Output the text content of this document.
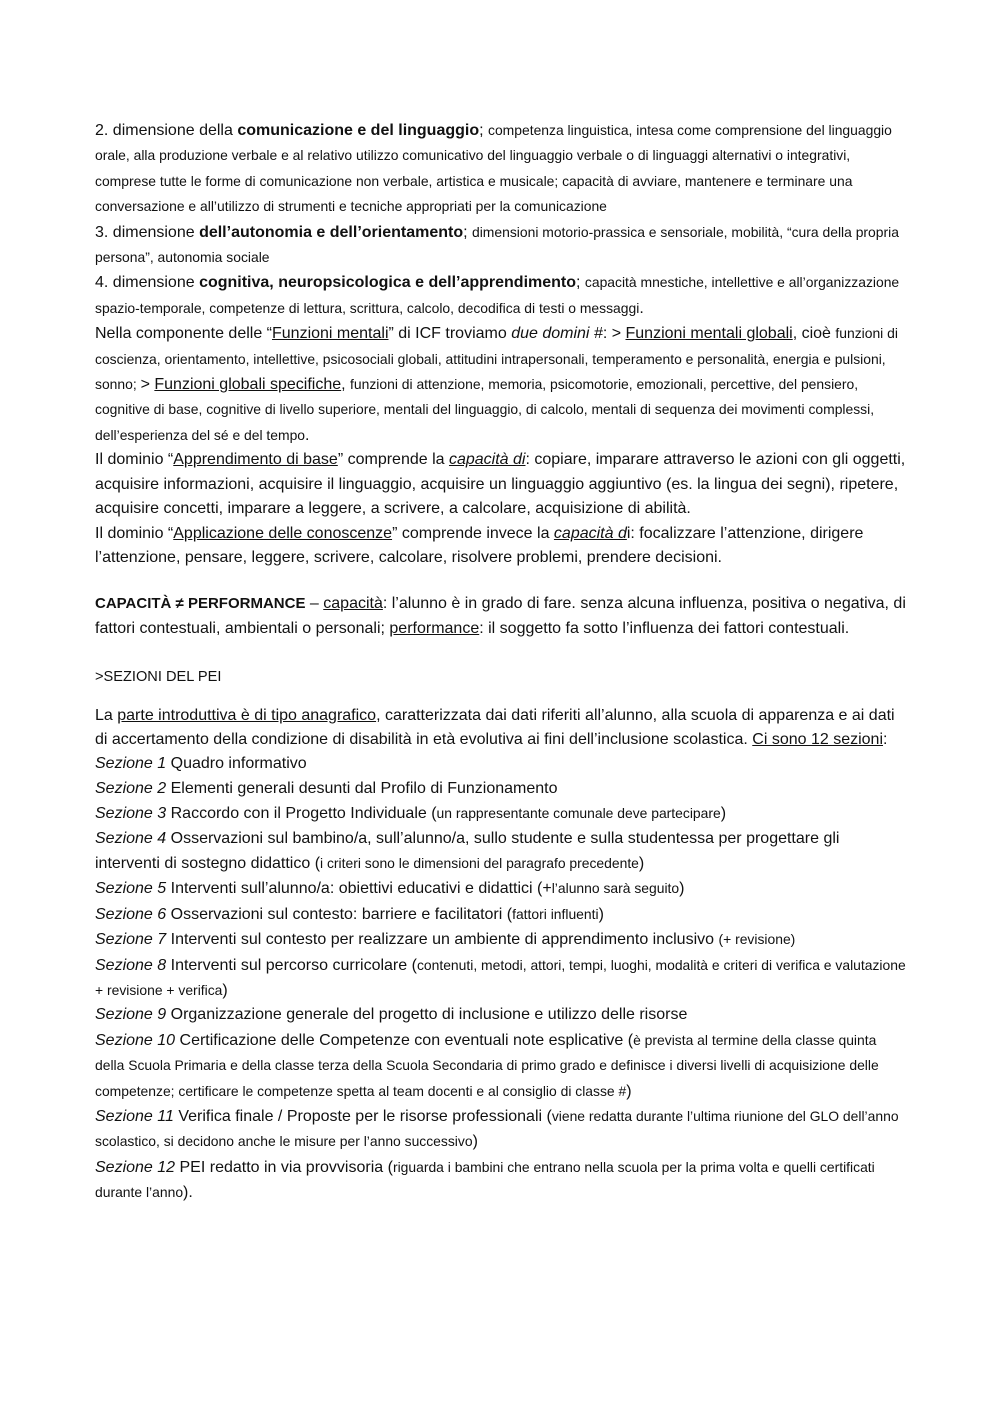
2. dimensione della comunicazione e del linguaggio; competenza linguistica, intesa come comprensione del linguaggio orale, alla produzione verbale e al relativo utilizzo comunicativo del linguaggio verbale o di linguaggi alternativi o integrativi, comprese tutte le forme di comunicazione non verbale, artistica e musicale; capacità di avviare, mantenere e terminare una conversazione e all’utilizzo di strumenti e tecniche appropriati per la comunicazione

3. dimensione dell’autonomia e dell’orientamento; dimensioni motorio-prassica e sensoriale, mobilità, “cura della propria persona”, autonomia sociale

4. dimensione cognitiva, neuropsicologica e dell’apprendimento; capacità mnestiche, intellettive e all’organizzazione spazio-temporale, competenze di lettura, scrittura, calcolo, decodifica di testi o messaggi.

Nella componente delle “Funzioni mentali” di ICF troviamo due domini #: > Funzioni mentali globali, cioè funzioni di coscienza, orientamento, intellettive, psicosociali globali, attitudini intrapersonali, temperamento e personalità, energia e pulsioni, sonno; > Funzioni globali specifiche, funzioni di attenzione, memoria, psicomotorie, emozionali, percettive, del pensiero, cognitive di base, cognitive di livello superiore, mentali del linguaggio, di calcolo, mentali di sequenza dei movimenti complessi, dell’esperienza del sé e del tempo.

Il dominio “Apprendimento di base” comprende la capacità di: copiare, imparare attraverso le azioni con gli oggetti, acquisire informazioni, acquisire il linguaggio, acquisire un linguaggio aggiuntivo (es. la lingua dei segni), ripetere, acquisire concetti, imparare a leggere, a scrivere, a calcolare, acquisizione di abilità.

Il dominio “Applicazione delle conoscenze” comprende invece la capacità di: focalizzare l’attenzione, dirigere l’attenzione, pensare, leggere, scrivere, calcolare, risolvere problemi, prendere decisioni.

CAPACITÀ ≠ PERFORMANCE – capacità: l’alunno è in grado di fare. senza alcuna influenza, positiva o negativa, di fattori contestuali, ambientali o personali; performance: il soggetto fa sotto l’influenza dei fattori contestuali.

>SEZIONI DEL PEI

La parte introduttiva è di tipo anagrafico, caratterizzata dai dati riferiti all’alunno, alla scuola di apparenza e ai dati di accertamento della condizione di disabilità in età evolutiva ai fini dell’inclusione scolastica. Ci sono 12 sezioni:

Sezione 1 Quadro informativo

Sezione 2 Elementi generali desunti dal Profilo di Funzionamento

Sezione 3 Raccordo con il Progetto Individuale (un rappresentante comunale deve partecipare)

Sezione 4 Osservazioni sul bambino/a, sull’alunno/a, sullo studente e sulla studentessa per progettare gli interventi di sostegno didattico (i criteri sono le dimensioni del paragrafo precedente)

Sezione 5 Interventi sull’alunno/a: obiettivi educativi e didattici (+l’alunno sarà seguito)

Sezione 6 Osservazioni sul contesto: barriere e facilitatori (fattori influenti)

Sezione 7 Interventi sul contesto per realizzare un ambiente di apprendimento inclusivo (+ revisione)

Sezione 8 Interventi sul percorso curricolare (contenuti, metodi, attori, tempi, luoghi, modalità e criteri di verifica e valutazione + revisione + verifica)

Sezione 9 Organizzazione generale del progetto di inclusione e utilizzo delle risorse

Sezione 10 Certificazione delle Competenze con eventuali note esplicative (è prevista al termine della classe quinta della Scuola Primaria e della classe terza della Scuola Secondaria di primo grado e definisce i diversi livelli di acquisizione delle competenze; certificare le competenze spetta al team docenti e al consiglio di classe #)

Sezione 11 Verifica finale / Proposte per le risorse professionali (viene redatta durante l’ultima riunione del GLO dell’anno scolastico, si decidono anche le misure per l’anno successivo)

Sezione 12 PEI redatto in via provvisoria (riguarda i bambini che entrano nella scuola per la prima volta e quelli certificati durante l’anno).
